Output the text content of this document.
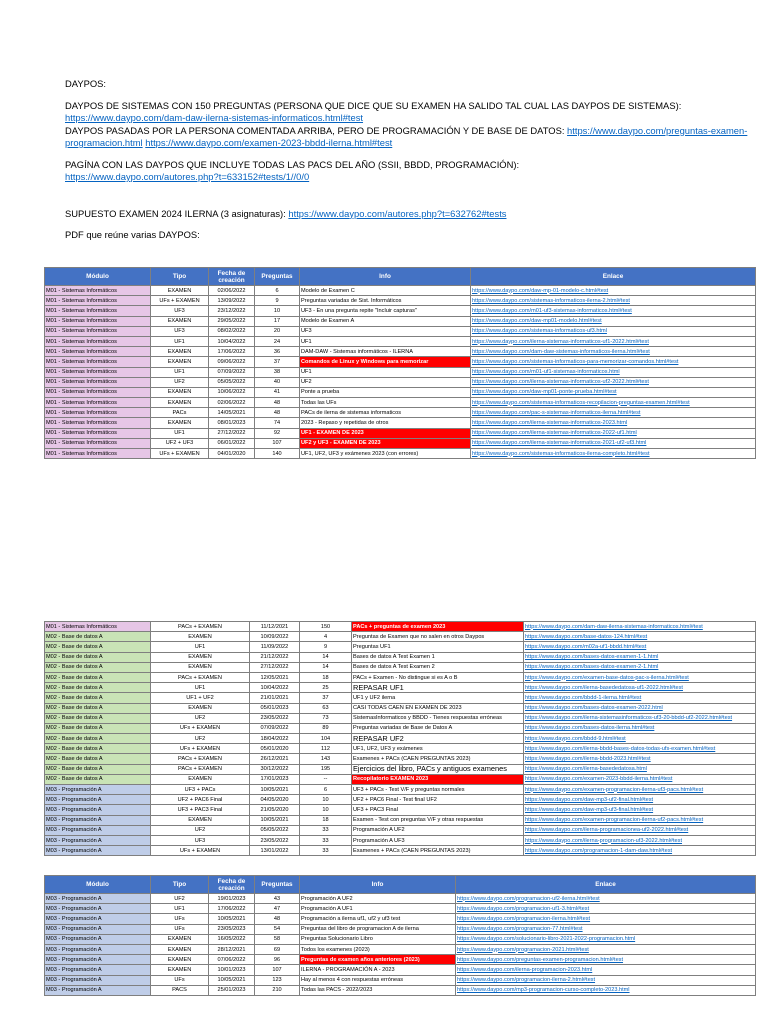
DAYPOS:

DAYPOS DE SISTEMAS CON 150 PREGUNTAS (PERSONA QUE DICE QUE SU EXAMEN HA SALIDO TAL CUAL LAS DAYPOS DE SISTEMAS):

https://www.daypo.com/dam-daw-ilerna-sistemas-informaticos.html#test

DAYPOS PASADAS POR LA PERSONA COMENTADA ARRIBA, PERO DE PROGRAMACIÓN Y DE BASE DE DATOS: https://www.daypo.com/preguntas-examen-programacion.html https://www.daypo.com/examen-2023-bbdd-ilerna.html#test

PAGÍNA CON LAS DAYPOS QUE INCLUYE TODAS LAS PACS DEL AÑO (SSII, BBDD, PROGRAMACIÓN):

https://www.daypo.com/autores.php?t=633152#tests/1//0/0

SUPUESTO EXAMEN 2024 ILERNA (3 asignaturas): https://www.daypo.com/autores.php?t=632762#tests

PDF que reúne varias DAYPOS:

Módulo	Tipo	Fecha de creación	Preguntas	Info	Enlace
M01 - Sistemas Informáticos	EXAMEN	02/06/2022	6	Modelo de Examen C	https://www.daypo.com/daw-mp-01-modelo-c.html#test
M01 - Sistemas Informáticos	UFs + EXAMEN	13/09/2022	9	Preguntas variadas de Sist. Informáticos	https://www.daypo.com/sistemas-informaticos-ilerna-2.html#test
M01 - Sistemas Informáticos	UF3	23/12/2022	10	UF3 - En una pregunta repite "Incluir capturas"	https://www.daypo.com/m01-uf3-sistemas-informaticos.html#test
M01 - Sistemas Informáticos	EXAMEN	29/05/2022	17	Modelo de Examen A	https://www.daypo.com/daw-mp01-modelo.html#test
M01 - Sistemas Informáticos	UF3	08/02/2022	20	UF3	https://www.daypo.com/sistemas-informaticos-uf3.html
M01 - Sistemas Informáticos	UF1	10/04/2022	24	UF1	https://www.daypo.com/ilerna-sistemas-informaticos-uf1-2022.html#test
M01 - Sistemas Informáticos	EXAMEN	17/06/2022	36	DAM-DAW - Sistemas informáticos - ILERNA	https://www.daypo.com/dam-daw-sistemas-informaticos-ilerna.html#test
M01 - Sistemas Informáticos	EXAMEN	09/06/2022	37	Comandos de Linux y Windows para memorizar	https://www.daypo.com/sistemas-informaticos-para-memorizar-comandos.html#test
M01 - Sistemas Informáticos	UF1	07/09/2022	38	UF1	https://www.daypo.com/m01-uf1-sistemas-informaticos.html
M01 - Sistemas Informáticos	UF2	05/05/2022	40	UF2	https://www.daypo.com/ilerna-sistemas-informaticos-uf2-2022.html#test
M01 - Sistemas Informáticos	EXAMEN	10/06/2022	41	Ponte a prueba	https://www.daypo.com/daw-mp01-ponte-prueba.html#test
M01 - Sistemas Informáticos	EXAMEN	02/06/2022	48	Todas las UFs	https://www.daypo.com/sistemas-informaticos-recopilacion-preguntas-examen.html#test
M01 - Sistemas Informáticos	PACs	14/05/2021	48	PACs de ilerna de sistemas informaticos	https://www.daypo.com/pac-s-sistemas-informaticos-ilerna.html#test
M01 - Sistemas Informáticos	EXAMEN	08/01/2023	74	2023 - Repaso y repetidas de otros	https://www.daypo.com/ilerna-sistemas-informaticos-2023.html
M01 - Sistemas Informáticos	UF1	27/12/2022	92	UF1 - EXAMEN DE 2023	https://www.daypo.com/ilerna-sistemas-informaticos-2022-uf1.html
M01 - Sistemas Informáticos	UF2 + UF3	06/01/2022	107	UF2 y UF3 - EXAMEN DE 2023	https://www.daypo.com/ilerna-sistemas-informaticos-2021-uf2-uf3.html
M01 - Sistemas Informáticos	UFs + EXAMEN	04/01/2020	140	UF1, UF2, UF3 y exámenes 2023 (con errores)	https://www.daypo.com/sistemas-informaticos-ilerna-completo.html#test
M01 - Sistemas Informáticos	PACs + EXAMEN	11/12/2021	150	PACs + preguntas de examen 2023	https://www.daypo.com/dam-daw-ilerna-sistemas-informaticos.html#test
M02 - Base de datos A	EXAMEN	10/09/2022	4	Preguntas de Examen que no salen en otros Daypos	https://www.daypo.com/base-datos-124.html#test
M02 - Base de datos A	UF1	11/09/2022	9	Preguntas UF1	https://www.daypo.com/m02a-uf1-bbdd.html#test
M02 - Base de datos A	EXAMEN	21/12/2022	14	Bases de datos A Test Examen 1	https://www.daypo.com/bases-datos-examen-1-1.html
M02 - Base de datos A	EXAMEN	27/12/2022	14	Bases de datos A Test Examen 2	https://www.daypo.com/bases-datos-examen-2-1.html
M02 - Base de datos A	PACs + EXAMEN	12/05/2021	18	PACs + Examen - No distingue si es A o B	https://www.daypo.com/examen-base-datos-pac-s-ilerna.html#test
M02 - Base de datos A	UF1	10/04/2022	25	REPASAR UF1	https://www.daypo.com/ilerna-basededatosa-uf1-2022.html#test
M02 - Base de datos A	UF1 + UF2	21/01/2021	37	UF1 y UF2 ilerna	https://www.daypo.com/bbdd-1-ilerna.html#test
M02 - Base de datos A	EXAMEN	05/01/2023	63	CASI TODAS CAEN EN EXAMEN DE 2023	https://www.daypo.com/bases-datos-examen-2022.html
M02 - Base de datos A	UF2	23/05/2022	73	SistemasInformaticos y BBDD - Tienes respuestas erróneas	https://www.daypo.com/ilerna-sistemasinformaticos-uf3-20-bbdd-uf2-2022.html#test
M02 - Base de datos A	UFs + EXAMEN	07/09/2022	89	Preguntas variadas de Base de Datos A	https://www.daypo.com/bases-datos-ilerna.html#test
M02 - Base de datos A	UF2	18/04/2022	104	REPASAR UF2	https://www.daypo.com/bbdd-9.html#test
M02 - Base de datos A	UFs + EXAMEN	05/01/2020	112	UF1, UF2, UF3 y exámenes	https://www.daypo.com/ilerna-bbdd-bases-datos-todas-ufs-examen.html#test
M02 - Base de datos A	PACs + EXAMEN	26/12/2021	143	Examenes + PACs (CAEN PREGUNTAS 2023)	https://www.daypo.com/ilerna-bbdd-2023.html#test
M02 - Base de datos A	PACs + EXAMEN	30/12/2022	195	Ejercicios del libro, PACs y antiguos examenes	https://www.daypo.com/ilerna-basededatosa.html
M02 - Base de datos A	EXAMEN	17/01/2023	--	Recopilatorio EXAMEN 2023	https://www.daypo.com/examen-2023-bbdd-ilerna.html#test
M03 - Programación A	UF3 + PACs	10/05/2021	6	UF3 + PACs - Test V/F y preguntas normales	https://www.daypo.com/examen-programacion-ilerna-uf3-pacs.html#test
M03 - Programación A	UF2 + PAC6 Final	04/05/2020	10	UF2 + PAC6 Final - Test final UF2	https://www.daypo.com/daw-mp3-uf2-final.html#test
M03 - Programación A	UF3 + PAC3 Final	21/05/2020	10	UF3 + PAC3 Final	https://www.daypo.com/daw-mp3-uf3-final.html#test
M03 - Programación A	EXAMEN	10/05/2021	18	Examen - Test con preguntas V/F y otras respuestas	https://www.daypo.com/examen-programacion-ilerna-uf2-pacs.html#test
M03 - Programación A	UF2	05/05/2022	33	Programación A UF2	https://www.daypo.com/ilerna-programacionea-uf2-2022.html#test
M03 - Programación A	UF3	23/05/2022	33	Programación A UF3	https://www.daypo.com/ilerna-programacion-uf3-2022.html#test
M03 - Programación A	UFs + EXAMEN	13/01/2022	33	Examenes + PACs (CAEN PREGUNTAS 2023)	https://www.daypo.com/programacion-1-dam-daw.html#test
Módulo	Tipo	Fecha de creación	Preguntas	Info	Enlace
M03 - Programación A	UF2	19/01/2023	43	Programación A UF2	https://www.daypo.com/programacion-uf2-ilerna.html#test
M03 - Programación A	UF1	17/06/2022	47	Programación A UF1	https://www.daypo.com/programacion-uf1-3.html#test
M03 - Programación A	UFs	10/05/2021	48	Programación a ilerna uf1, uf2 y uf3 test	https://www.daypo.com/programacion-ilerna.html#test
M03 - Programación A	UFs	23/05/2023	54	Preguntas del libro de programacion A de ilerna	https://www.daypo.com/programacion-77.html#test
M03 - Programación A	EXAMEN	16/05/2022	58	Preguntas Solucionario Libro	https://www.daypo.com/solucionario-libro-2021-2022-programacion.html
M03 - Programación A	EXAMEN	28/12/2021	69	Todos los examenes (2023)	https://www.daypo.com/programacion-2021.html#test
M03 - Programación A	EXAMEN	07/06/2022	96	Preguntas de examen años anteriores (2023)	https://www.daypo.com/preguntas-examen-programacion.html#test
M03 - Programación A	EXAMEN	10/01/2023	107	ILERNA - PROGRAMACIÓN A - 2023	https://www.daypo.com/ilerna-programacion-2023.html
M03 - Programación A	UFs	10/05/2021	123	Hay al menos 4 con respuestas erróneas	https://www.daypo.com/programacion-ilerna-2.html#test
M03 - Programación A	PACS	25/01/2023	210	Todas las PACS - 2022/2023	https://www.daypo.com/mp3-programacion-curso-completo-2023.html
